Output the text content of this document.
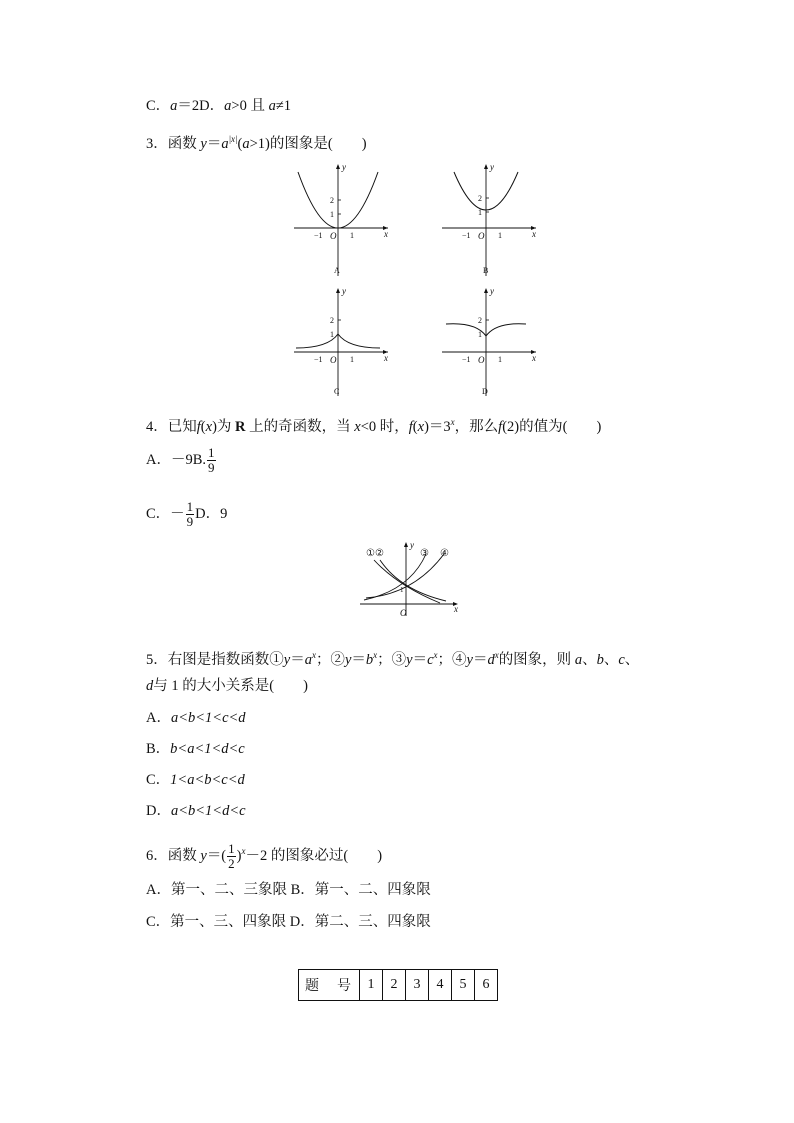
C．a＝2D．a>0 且 a≠1
3．函数 $y=a^{|x|}(a>1)$的图象是(　　)
y
x
2
1
−1 O 1
A
y
x
2
1
−1 O 1
B
y
x
2
1
−1 O 1
C
y
x
2
1
−1 O 1
D
4．已知f(x)为 R 上的奇函数，当 x<0 时，$f(x)=3^x$，那么f(2)的值为(　　)
A．－9B. $\frac{1}{9}$
C．－ $\frac{1}{9}$ D．9
①②	③ ④
y
x
O
1
5．右图是指数函数$①y=a^x$；$②y=b^x$；$③y=c^x$；$④y=d^x$的图象，则 a、b、c、
d与 1 的大小关系是(　　)
A．a<b<1<c<d
B．b<a<1<d<c
C．1<a<b<c<d
D．a<b<1<d<c
6．函数 $y=( \frac{1}{2} )^x-2$ 的图象必过(　　)
A．第一、二、三象限 B．第一、二、四象限
C．第一、三、四象限 D．第二、三、四象限
题　号	1	2	3	4	5	6
